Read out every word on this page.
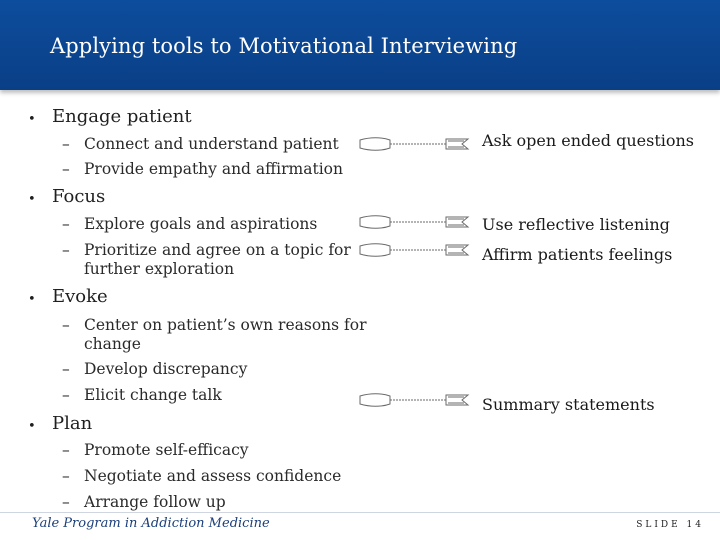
Applying tools to Motivational Interviewing
• Engage patient
– Connect and understand patient
– Provide empathy and affirmation
• Focus
– Explore goals and aspirations
– Prioritize and agree on a topic for
further exploration
• Evoke
– Center on patient’s own reasons for
change
– Develop discrepancy
– Elicit change talk
• Plan
– Promote self-efficacy
– Negotiate and assess confidence
– Arrange follow up
Ask open ended questions
Use reflective listening
Affirm patients feelings
Summary statements
Yale Program in Addiction Medicine	SLIDE 14
